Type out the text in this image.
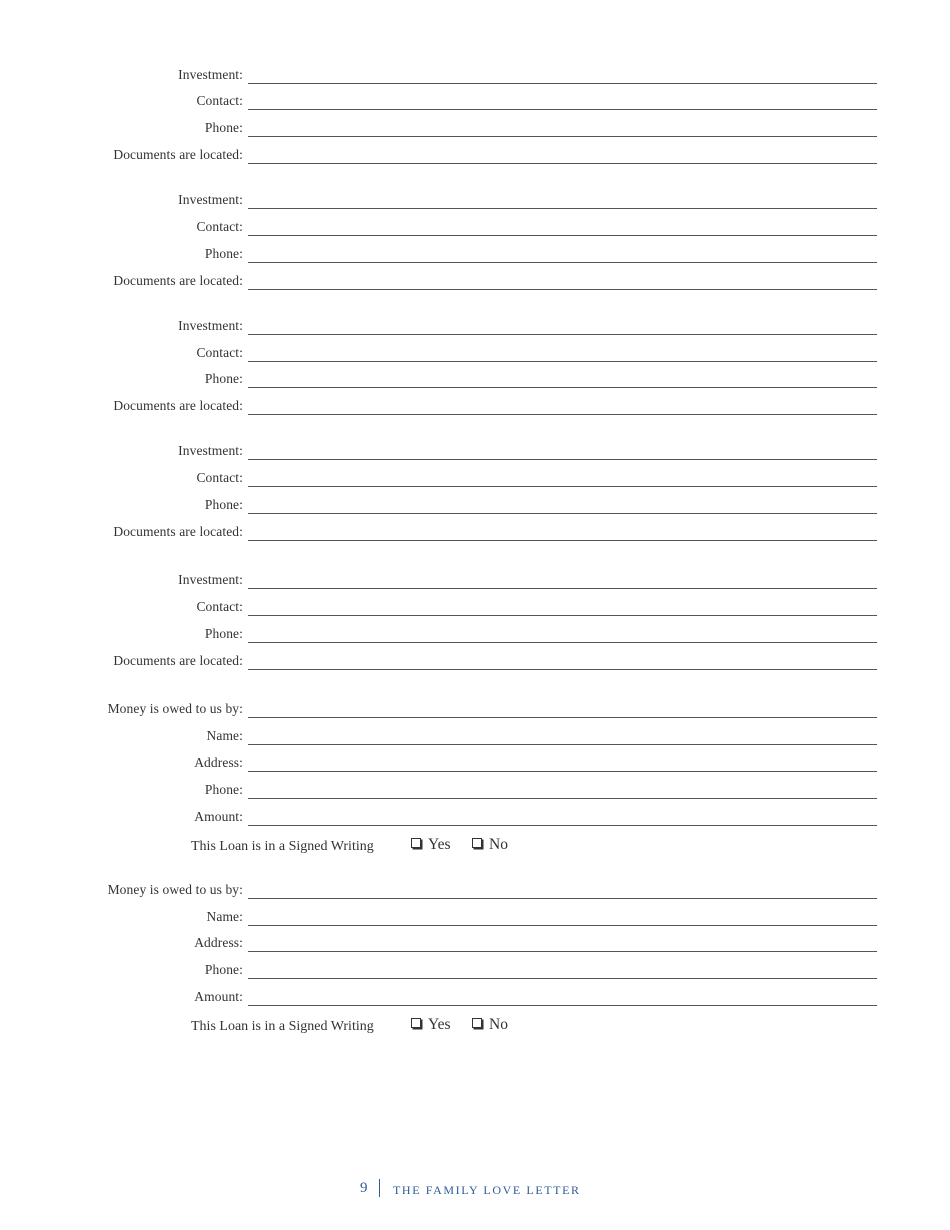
Investment:
Contact:
Phone:
Documents are located:
Investment:
Contact:
Phone:
Documents are located:
Investment:
Contact:
Phone:
Documents are located:
Investment:
Contact:
Phone:
Documents are located:
Investment:
Contact:
Phone:
Documents are located:
Money is owed to us by:
Name:
Address:
Phone:
Amount:
This Loan is in a Signed Writing	Yes	No
Money is owed to us by:
Name:
Address:
Phone:
Amount:
This Loan is in a Signed Writing	Yes	No
9 THE FAMILY LOVE LETTER
